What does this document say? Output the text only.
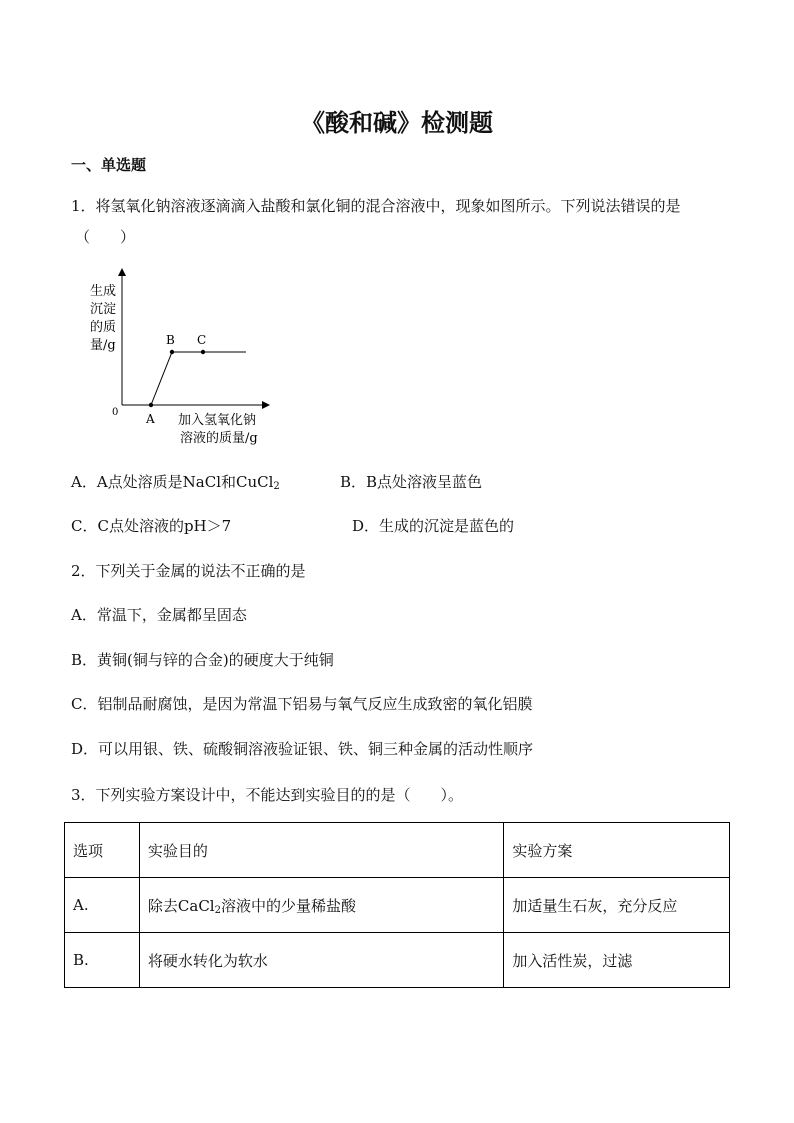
《酸和碱》检测题
一、单选题
1．将氢氧化钠溶液逐滴滴入盐酸和氯化铜的混合溶液中，现象如图所示。下列说法错误的是
（　　）
B C
A
0
生成
沉淀
的质
量/g
加入氢氧化钠
溶液的质量/g
A．A点处溶质是NaCl和CuCl$_2$	B．B点处溶液呈蓝色
C．C点处溶液的pH＞7	D．生成的沉淀是蓝色的
2．下列关于金属的说法不正确的是
A．常温下，金属都呈固态
B．黄铜(铜与锌的合金)的硬度大于纯铜
C．铝制品耐腐蚀，是因为常温下铝易与氧气反应生成致密的氧化铝膜
D．可以用银、铁、硫酸铜溶液验证银、铁、铜三种金属的活动性顺序
3．下列实验方案设计中，不能达到实验目的的是（　　）。
选项	实验目的	实验方案
A.	除去CaCl$_2$溶液中的少量稀盐酸	加适量生石灰，充分反应
B.	将硬水转化为软水	加入活性炭，过滤
